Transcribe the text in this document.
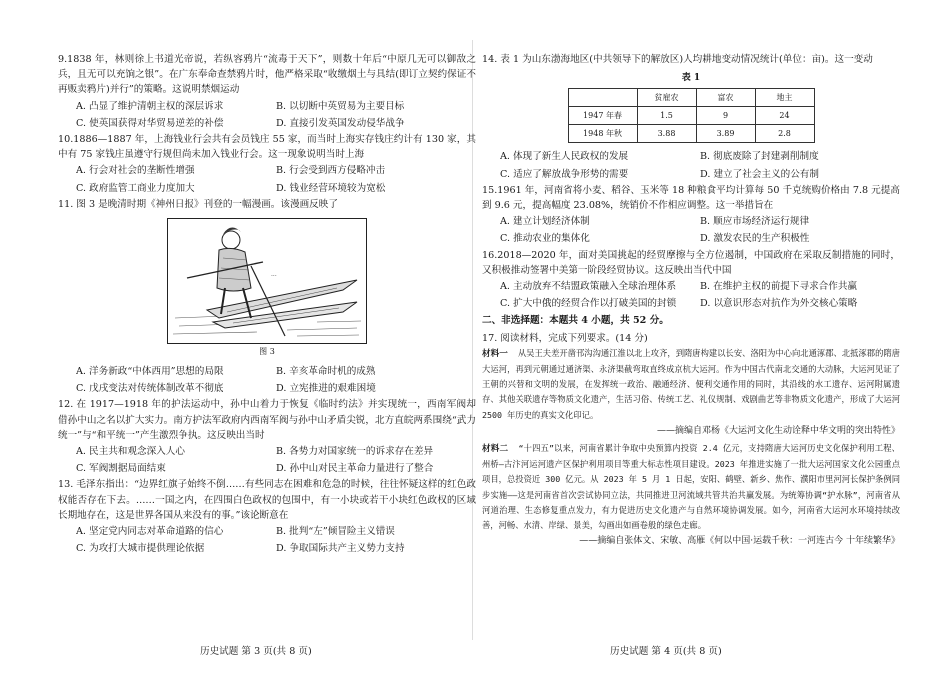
9.1838 年，林则徐上书道光帝说，若纵容鸦片“流毒于天下”，则数十年后“中原几无可以御敌之兵，且无可以充饷之银”。在广东奉命查禁鸦片时，他严格采取“收缴烟土与具结(即订立契约保证不再贩卖鸦片)并行”的策略。这说明禁烟运动
A. 凸显了维护清朝主权的深层诉求	B. 以切断中英贸易为主要目标
C. 使英国获得对华贸易逆差的补偿	D. 直接引发英国发动侵华战争
10.1886—1887 年，上海钱业行会共有会员钱庄 55 家，而当时上海实存钱庄约计有 130 家，其中有 75 家钱庄虽遵守行规但尚未加入钱业行会。这一现象说明当时上海
A. 行会对社会的垄断性增强	B. 行会受到西方侵略冲击
C. 政府监管工商业力度加大	D. 钱业经营环境较为宽松
11. 图 3 是晚清时期《神州日报》刊登的一幅漫画。该漫画反映了
...
图 3
A. 洋务新政“中体西用”思想的局限	B. 辛亥革命时机的成熟
C. 戊戌变法对传统体制改革不彻底	D. 立宪推进的艰难困境
12. 在 1917—1918 年的护法运动中，孙中山着力于恢复《临时约法》并实现统一，西南军阀却借孙中山之名以扩大实力。南方护法军政府内西南军阀与孙中山矛盾尖锐，北方直皖两系围绕“武力统一”与“和平统一”产生激烈争执。这反映出当时
A. 民主共和观念深入人心	B. 各势力对国家统一的诉求存在差异
C. 军阀割据局面结束	D. 孙中山对民主革命力量进行了整合
13. 毛泽东指出：“边界红旗子始终不倒……有些同志在困难和危急的时候，往往怀疑这样的红色政权能否存在下去。……一国之内，在四围白色政权的包围中，有一小块或若干小块红色政权的区域长期地存在，这是世界各国从来没有的事。”该论断意在
A. 坚定党内同志对革命道路的信心	B. 批判“左”倾冒险主义错误
C. 为攻打大城市提供理论依据	D. 争取国际共产主义势力支持
历史试题 第 3 页(共 8 页)
14. 表 1 为山东渤海地区(中共领导下的解放区)人均耕地变动情况统计(单位：亩)。这一变动
表 1
	贫雇农	富农	地主
1947 年春	1.5	9	24
1948 年秋	3.88	3.89	2.8
A. 体现了新生人民政权的发展	B. 彻底废除了封建剥削制度
C. 适应了解放战争形势的需要	D. 建立了社会主义的公有制
15.1961 年，河南省将小麦、稻谷、玉米等 18 种粮食平均计算每 50 千克统购价格由 7.8 元提高到 9.6 元，提高幅度 23.08%，统销价不作相应调整。这一举措旨在
A. 建立计划经济体制	B. 顺应市场经济运行规律
C. 推动农业的集体化	D. 激发农民的生产积极性
16.2018—2020 年，面对美国挑起的经贸摩擦与全方位遏制，中国政府在采取反制措施的同时，又积极推动签署中美第一阶段经贸协议。这反映出当代中国
A. 主动放弃不结盟政策融入全球治理体系	B. 在维护主权的前提下寻求合作共赢
C. 扩大中俄的经贸合作以打破美国的封锁	D. 以意识形态对抗作为外交核心策略
二、非选择题：本题共 4 小题，共 52 分。
17. 阅读材料，完成下列要求。(14 分)

材料一 从吴王夫差开凿邗沟沟通江淮以北上攻齐，到隋唐构建以长安、洛阳为中心向北通涿郡、北抵涿郡的隋唐大运河，再到元朝通过通济渠、永济渠截弯取直终成京杭大运河。作为中国古代南北交通的大动脉，大运河见证了王朝的兴替和文明的发展，在发挥统一政治、融通经济、便利交通作用的同时，其沿线的水工遗存、运河附属遗存、其他关联遗存等物质文化遗产，生活习俗、传统工艺、礼仪规制、戏剧曲艺等非物质文化遗产，形成了大运河 2500 年历史的真实文化印记。

——摘编自邓杨《大运河文化生动诠释中华文明的突出特性》

材料二 “十四五”以来，河南省累计争取中央预算内投资 2.4 亿元，支持隋唐大运河历史文化保护利用工程、州桥—古汴河运河遗产区保护利用项目等重大标志性项目建设。2023 年推进实施了一批大运河国家文化公园重点项目，总投资近 300 亿元。从 2023 年 5 月 1 日起，安阳、鹤壁、新乡、焦作、濮阳市里河河长保护条例同步实施——这是河南省首次尝试协同立法，共同推进卫河流域共管共治共赢发展。为统筹协调“护水脉”，河南省从河道治理、生态修复重点发力，有力促进历史文化遗产与自然环境协调发展。如今，河南省大运河水环境持续改善，河畅、水清、岸绿、景美，勾画出如画卷般的绿色走廊。

——摘编自张体文、宋敏、高雁《何以中国·运载千秋：一河连古今 十年续繁华》
历史试题 第 4 页(共 8 页)
